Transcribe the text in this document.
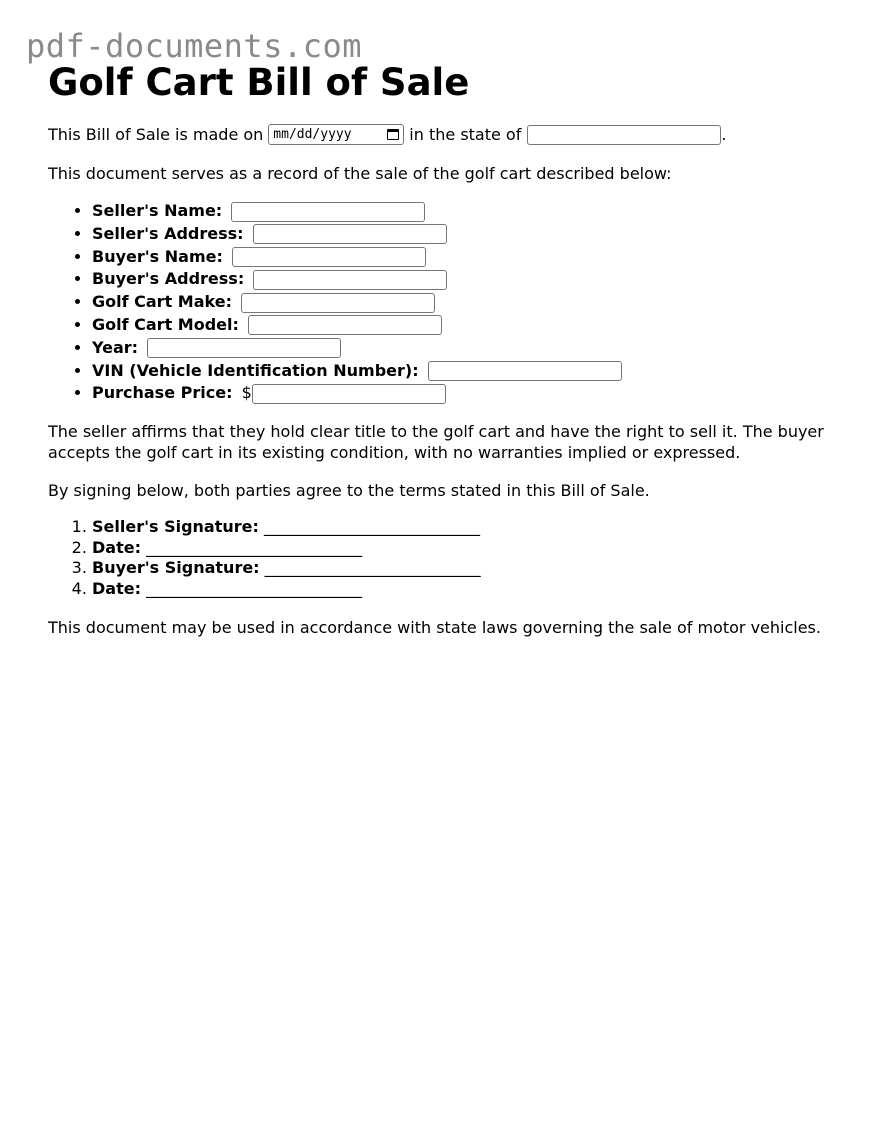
pdf-documents.com
Golf Cart Bill of Sale

This Bill of Sale is made on mm/dd/yyyy	in the state of	.

This document serves as a record of the sale of the golf cart described below:

• Seller's Name:
• Seller's Address:
• Buyer's Name:
• Buyer's Address:
• Golf Cart Make:
• Golf Cart Model:
• Year:
• VIN (Vehicle Identification Number):
• Purchase Price: $

The seller affirms that they hold clear title to the golf cart and have the right to sell it. The buyer accepts the golf cart in its existing condition, with no warranties implied or expressed.

By signing below, both parties agree to the terms stated in this Bill of Sale.

1. Seller's Signature: ___________________________
2. Date: ___________________________
3. Buyer's Signature: ___________________________
4. Date: ___________________________

This document may be used in accordance with state laws governing the sale of motor vehicles.
